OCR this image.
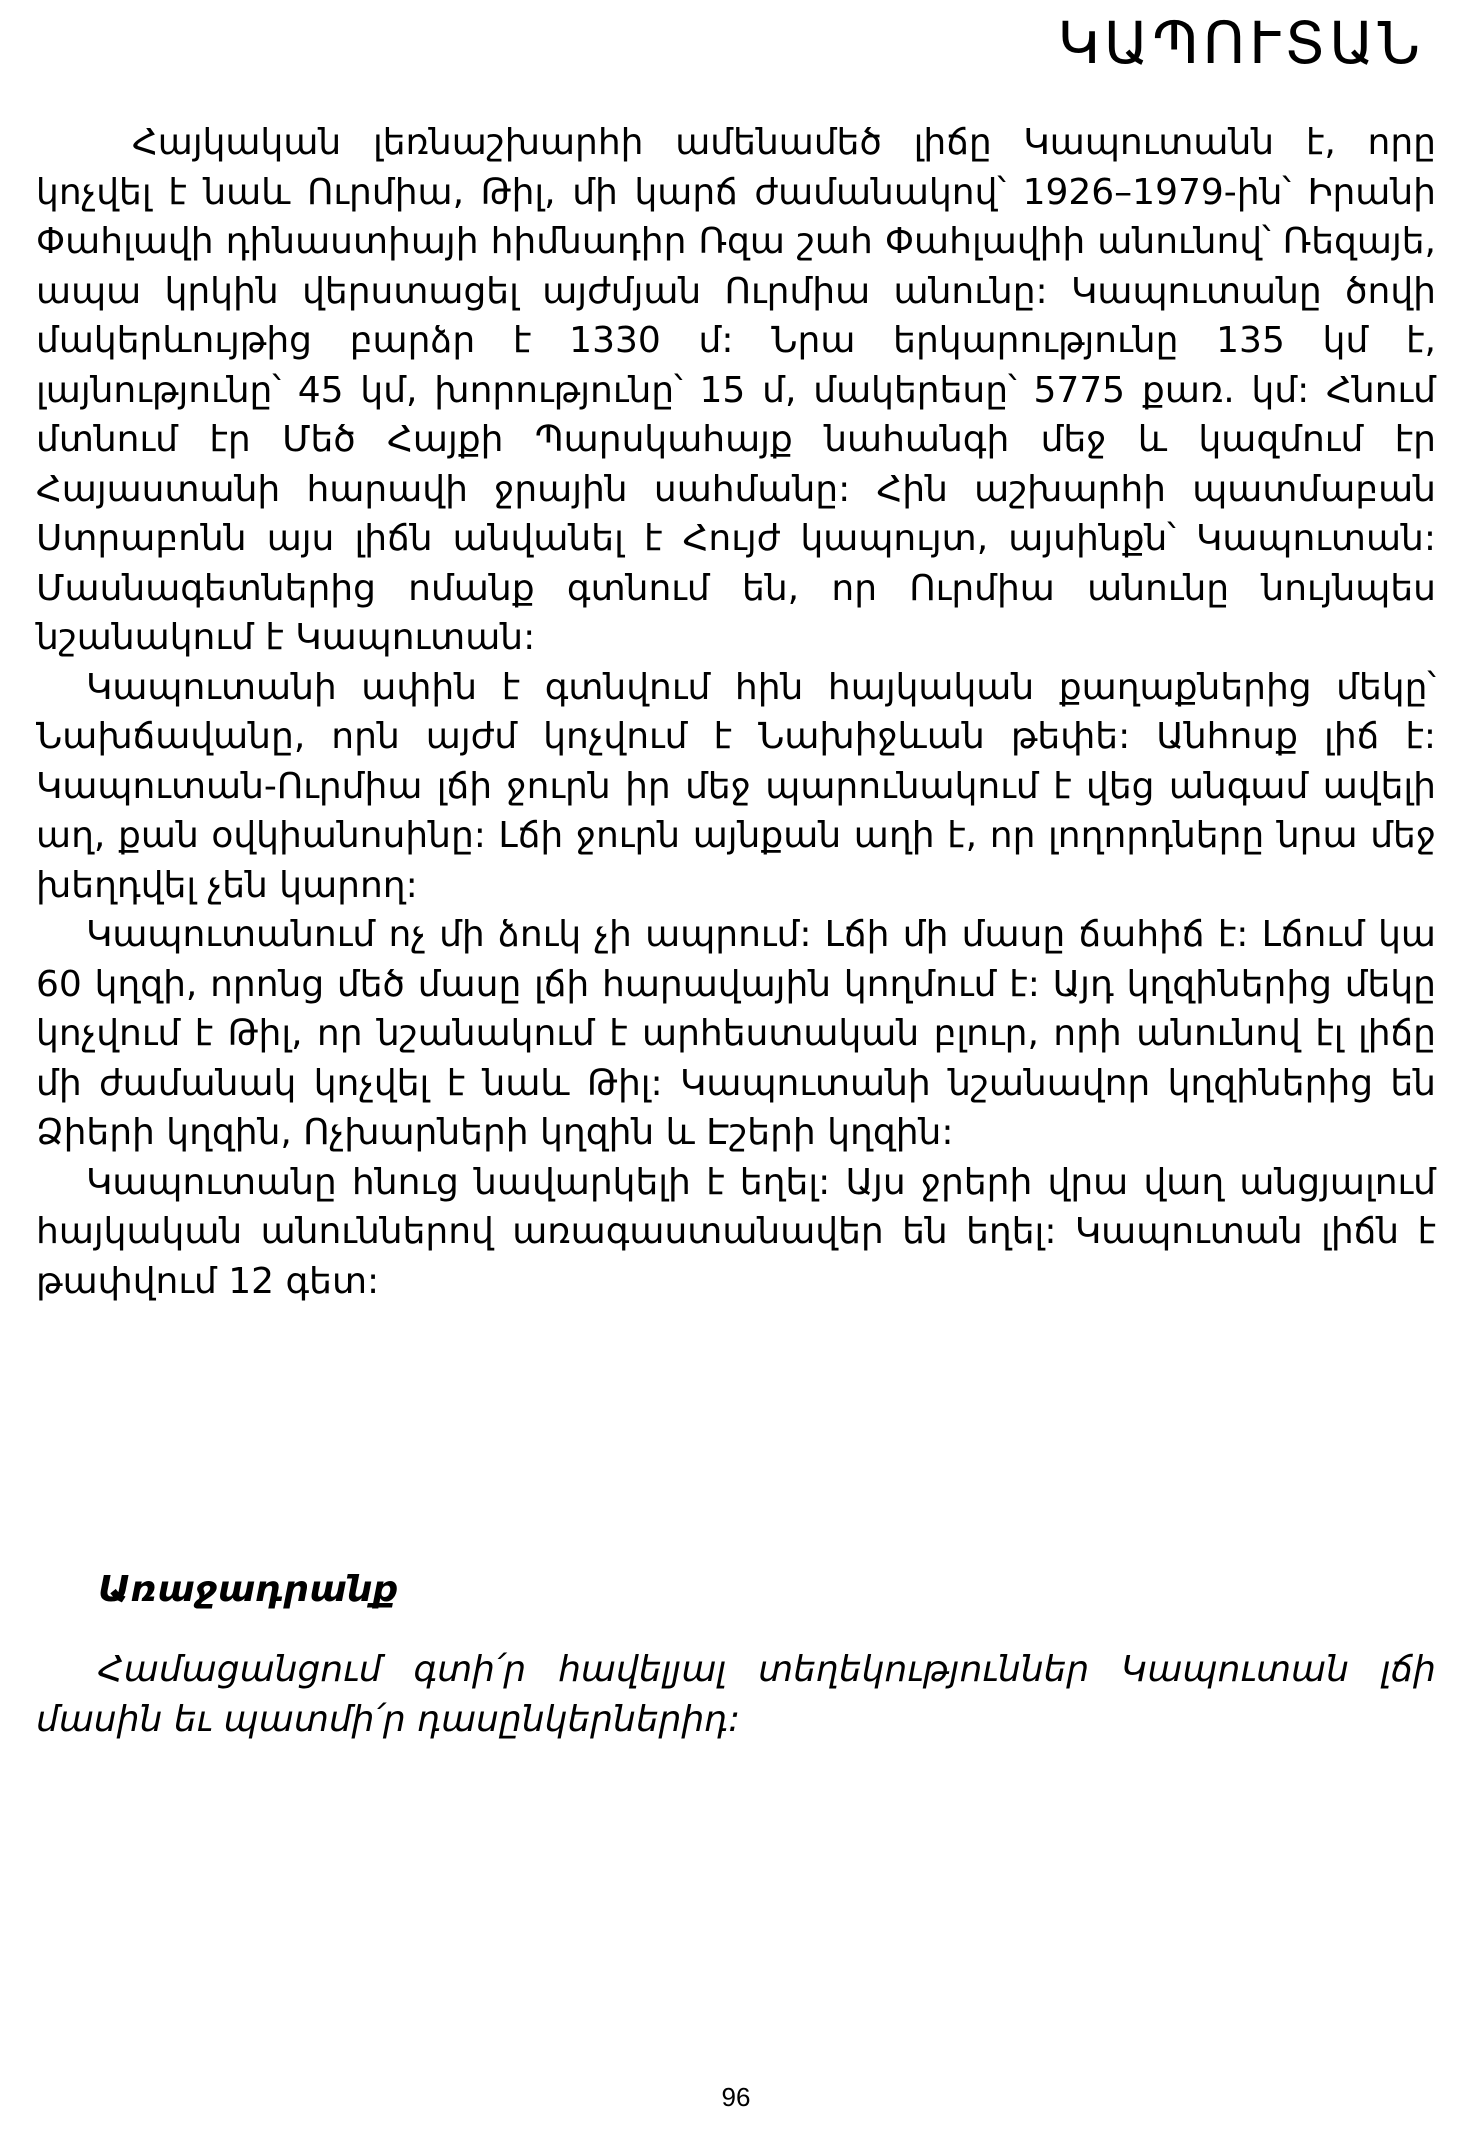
ԿԱՊՈՒՏԱՆ

Հայկական լեռնաշխարհի ամենամեծ լիճը Կապուտանն է, որը կոչվել է նաև Ուրմիա, Թիլ, մի կարճ ժամանակով՝ 1926–1979-ին՝ Իրանի Փահլավի դինաստիայի հիմնադիր Ռզա շահ Փահլավիի անունով՝ Ռեզայե, ապա կրկին վերստացել այժմյան Ուրմիա անունը: Կապուտանը ծովի մակերևույթից բարձր է 1330 մ: Նրա երկարությունը 135 կմ է, լայնությունը՝ 45 կմ, խորությունը՝ 15 մ, մակերեսը՝ 5775 քառ. կմ: Հնում մտնում էր Մեծ Հայքի Պարսկահայք նահանգի մեջ և կազմում էր Հայաստանի հարավի ջրային սահմանը: Հին աշխարհի պատմաբան Ստրաբոնն այս լիճն անվանել է Հույժ կապույտ, այսինքն՝ Կապուտան: Մասնագետներից ոմանք գտնում են, որ Ուրմիա անունը նույնպես նշանակում է Կապուտան:

Կապուտանի ափին է գտնվում հին հայկական քաղաքներից մեկը՝ Նախճավանը, որն այժմ կոչվում է Նախիջևան թեփե: Անհոսք լիճ է: Կապուտան-Ուրմիա լճի ջուրն իր մեջ պարունակում է վեց անգամ ավելի աղ, քան օվկիանոսինը: Լճի ջուրն այնքան աղի է, որ լողորդները նրա մեջ խեղդվել չեն կարող:

Կապուտանում ոչ մի ձուկ չի ապրում: Լճի մի մասը ճահիճ է: Լճում կա 60 կղզի, որոնց մեծ մասը լճի հարավային կողմում է: Այդ կղզիներից մեկը կոչվում է Թիլ, որ նշանակում է արհեստական բլուր, որի անունով էլ լիճը մի ժամանակ կոչվել է նաև Թիլ: Կապուտանի նշանավոր կղզիներից են Ձիերի կղզին, Ոչխարների կղզին և Էշերի կղզին:

Կապուտանը հնուց նավարկելի է եղել: Այս ջրերի վրա վաղ անցյալում հայկական անուններով առագաստանավեր են եղել: Կապուտան լիճն է թափվում 12 գետ:

Առաջադրանք

Համացանցում գտի՛ր հավելյալ տեղեկություններ Կապուտան լճի մասին եւ պատմի՛ր դասընկերներիդ:

96
